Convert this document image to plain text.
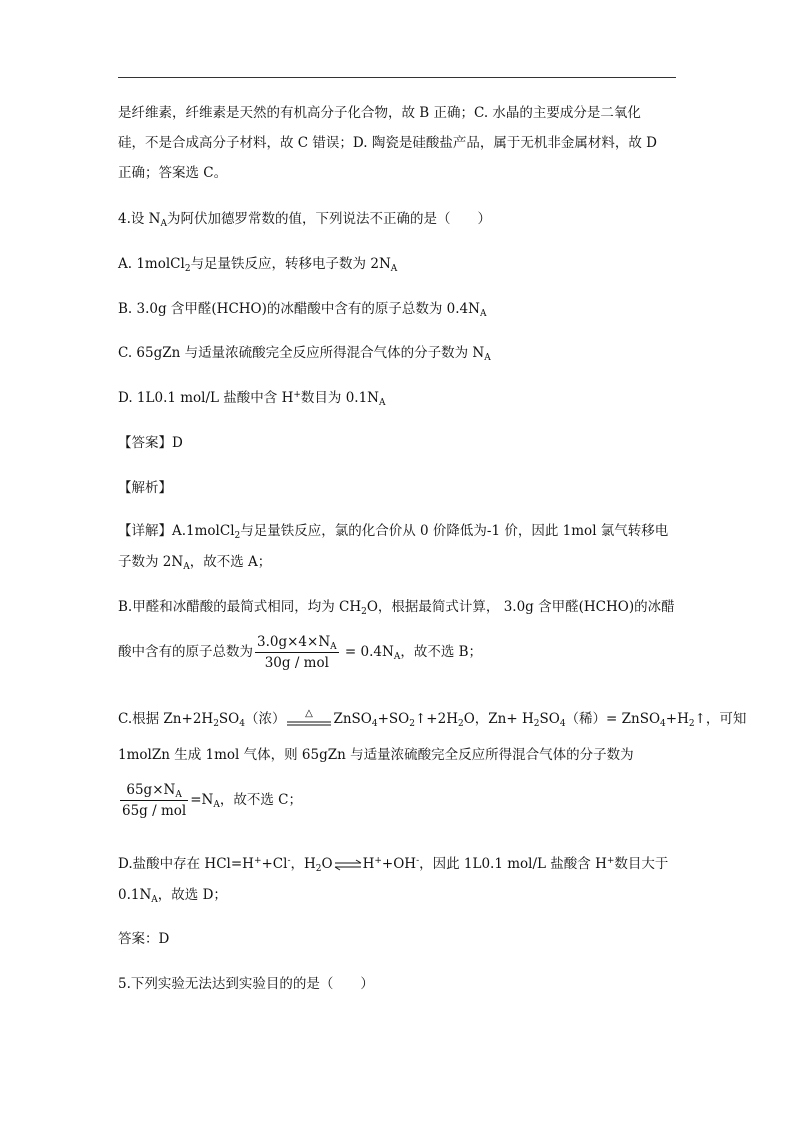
是纤维素，纤维素是天然的有机高分子化合物，故 B 正确；C. 水晶的主要成分是二氧化
硅，不是合成高分子材料，故 C 错误；D. 陶瓷是硅酸盐产品，属于无机非金属材料，故 D
正确；答案选 C。
4.设 $N_A$为阿伏加德罗常数的值，下列说法不正确的是（　　）
A. 1molCl$_2$与足量铁反应，转移电子数为 $2N_A$
B. 3.0g 含甲醛(HCHO)的冰醋酸中含有的原子总数为 $0.4N_A$
C. 65gZn 与适量浓硫酸完全反应所得混合气体的分子数为 $N_A$
D. 1L0.1 mol/L 盐酸中含 H+数目为 $0.1N_A$
【答案】D
【解析】
【详解】A.1molCl$_2$与足量铁反应，氯的化合价从 0 价降低为-1 价，因此 1mol 氯气转移电
子数为 $2N_A$，故不选 A；
B.甲醛和冰醋酸的最简式相同，均为 $CH_2O$，根据最简式计算， 3.0g 含甲醛(HCHO)的冰醋
酸中含有的原子总数为 $\frac{3.0g\times 4\times N_A}{\text{30g / mol}} = 0.4N_A$，故不选 B；
C.根据 $Zn+2H_2SO_4$（浓） △ $ZnSO_4+SO_2↑+2H_2O$，$Zn+ H_2SO_4$（稀）= $ZnSO_4+H_2↑$，可知
1molZn 生成 1mol 气体，则 65gZn 与适量浓硫酸完全反应所得混合气体的分子数为
$\frac{65g\times N_A}{\text{65g / mol}} =N_A$，故不选 C；
D.盐酸中存在 HCl=H++Cl-，$H_2O\rightleftharpoons H^++OH^-$，因此 1L0.1 mol/L 盐酸含 H+数目大于
$0.1N_A$，故选 D；
答案：D
5.下列实验无法达到实验目的的是（　　）
